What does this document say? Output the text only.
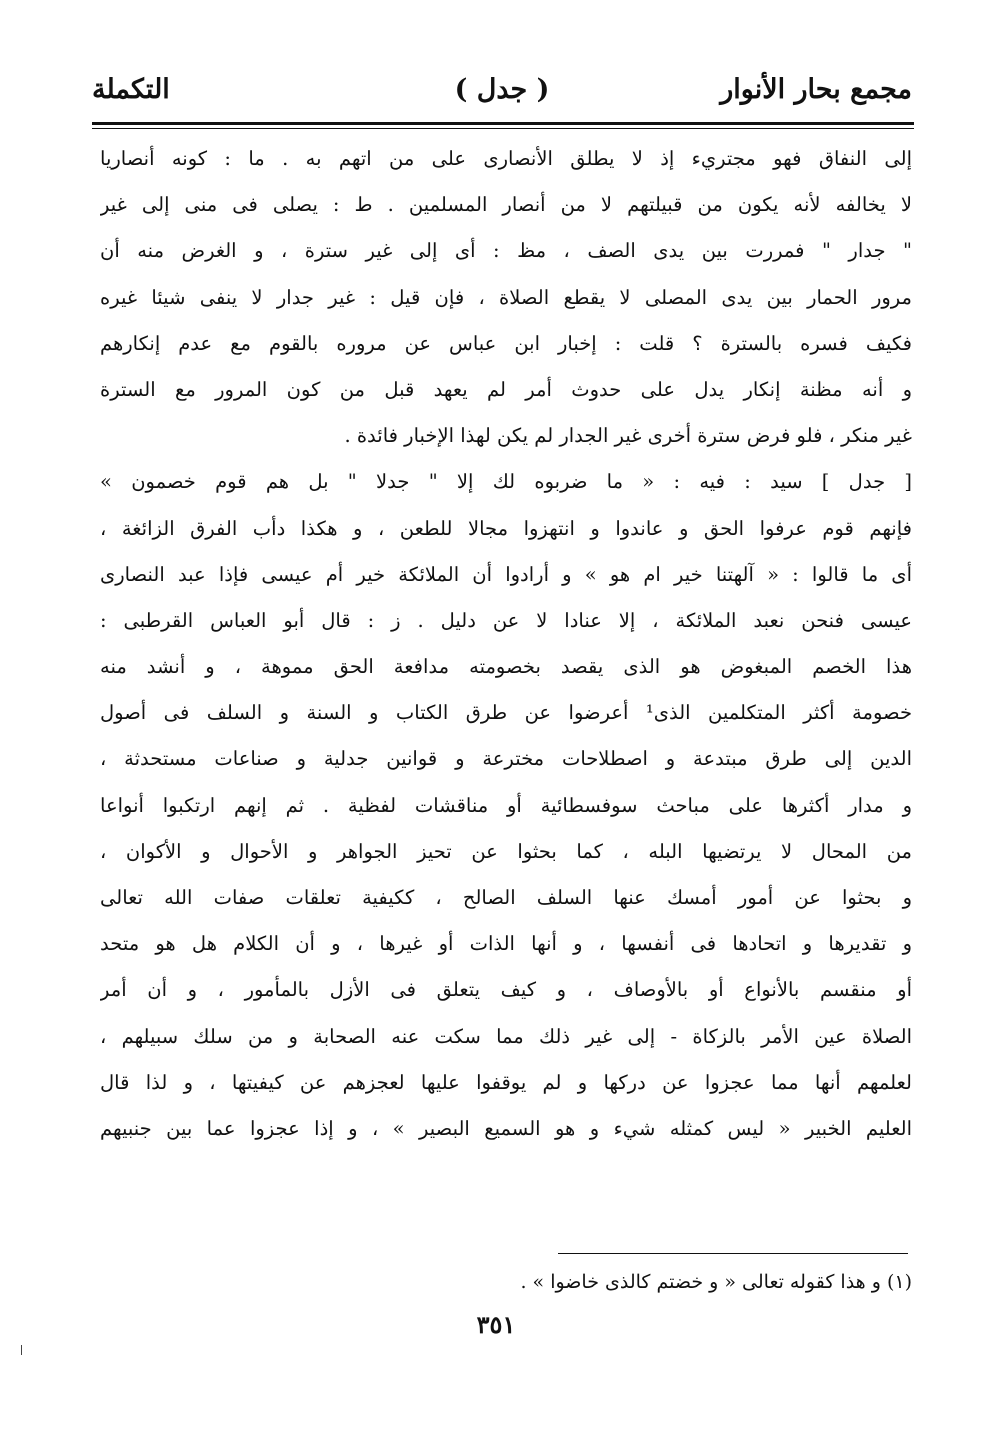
مجمع بحار الأنوار
( جدل )
التكملة
إلى النفاق فهو مجتريء إذ لا يطلق الأنصارى على من اتهم به . ما : كونه أنصاريا
لا يخالفه لأنه يكون من قبيلتهم لا من أنصار المسلمين . ط : يصلى فى منى إلى غير
" جدار " فمررت بين يدى الصف ، مظ : أى إلى غير سترة ، و الغرض منه أن
مرور الحمار بين يدى المصلى لا يقطع الصلاة ، فإن قيل : غير جدار لا ينفى شيئا غيره
فكيف فسره بالسترة ؟ قلت : إخبار ابن عباس عن مروره بالقوم مع عدم إنكارهم
و أنه مظنة إنكار يدل على حدوث أمر لم يعهد قبل من كون المرور مع السترة
غير منكر ، فلو فرض سترة أخرى غير الجدار لم يكن لهذا الإخبار فائدة .
[ جدل ] سيد : فيه : « ما ضربوه لك إلا " جدلا " بل هم قوم خصمون »
فإنهم قوم عرفوا الحق و عاندوا و انتهزوا مجالا للطعن ، و هكذا دأب الفرق الزائغة ،
أى ما قالوا : « آلهتنا خير ام هو » و أرادوا أن الملائكة خير أم عيسى فإذا عبد النصارى
عيسى فنحن نعبد الملائكة ، إلا عنادا لا عن دليل . ز : قال أبو العباس القرطبى :
هذا الخصم المبغوض هو الذى يقصد بخصومته مدافعة الحق مموهة ، و أنشد منه
خصومة أكثر المتكلمين الذى¹ أعرضوا عن طرق الكتاب و السنة و السلف فى أصول
الدين إلى طرق مبتدعة و اصطلاحات مخترعة و قوانين جدلية و صناعات مستحدثة ،
و مدار أكثرها على مباحث سوفسطائية أو مناقشات لفظية . ثم إنهم ارتكبوا أنواعا
من المحال لا يرتضيها البله ، كما بحثوا عن تحيز الجواهر و الأحوال و الأكوان ،
و بحثوا عن أمور أمسك عنها السلف الصالح ، ككيفية تعلقات صفات الله تعالى
و تقديرها و اتحادها فى أنفسها ، و أنها الذات أو غيرها ، و أن الكلام هل هو متحد
أو منقسم بالأنواع أو بالأوصاف ، و كيف يتعلق فى الأزل بالمأمور ، و أن أمر
الصلاة عين الأمر بالزكاة - إلى غير ذلك مما سكت عنه الصحابة و من سلك سبيلهم ،
لعلمهم أنها مما عجزوا عن دركها و لم يوقفوا عليها لعجزهم عن كيفيتها ، و لذا قال
العليم الخبير « ليس كمثله شيء و هو السميع البصير » ، و إذا عجزوا عما بين جنبيهم
(١) و هذا كقوله تعالى « و خضتم كالذى خاضوا » .
٣٥١
